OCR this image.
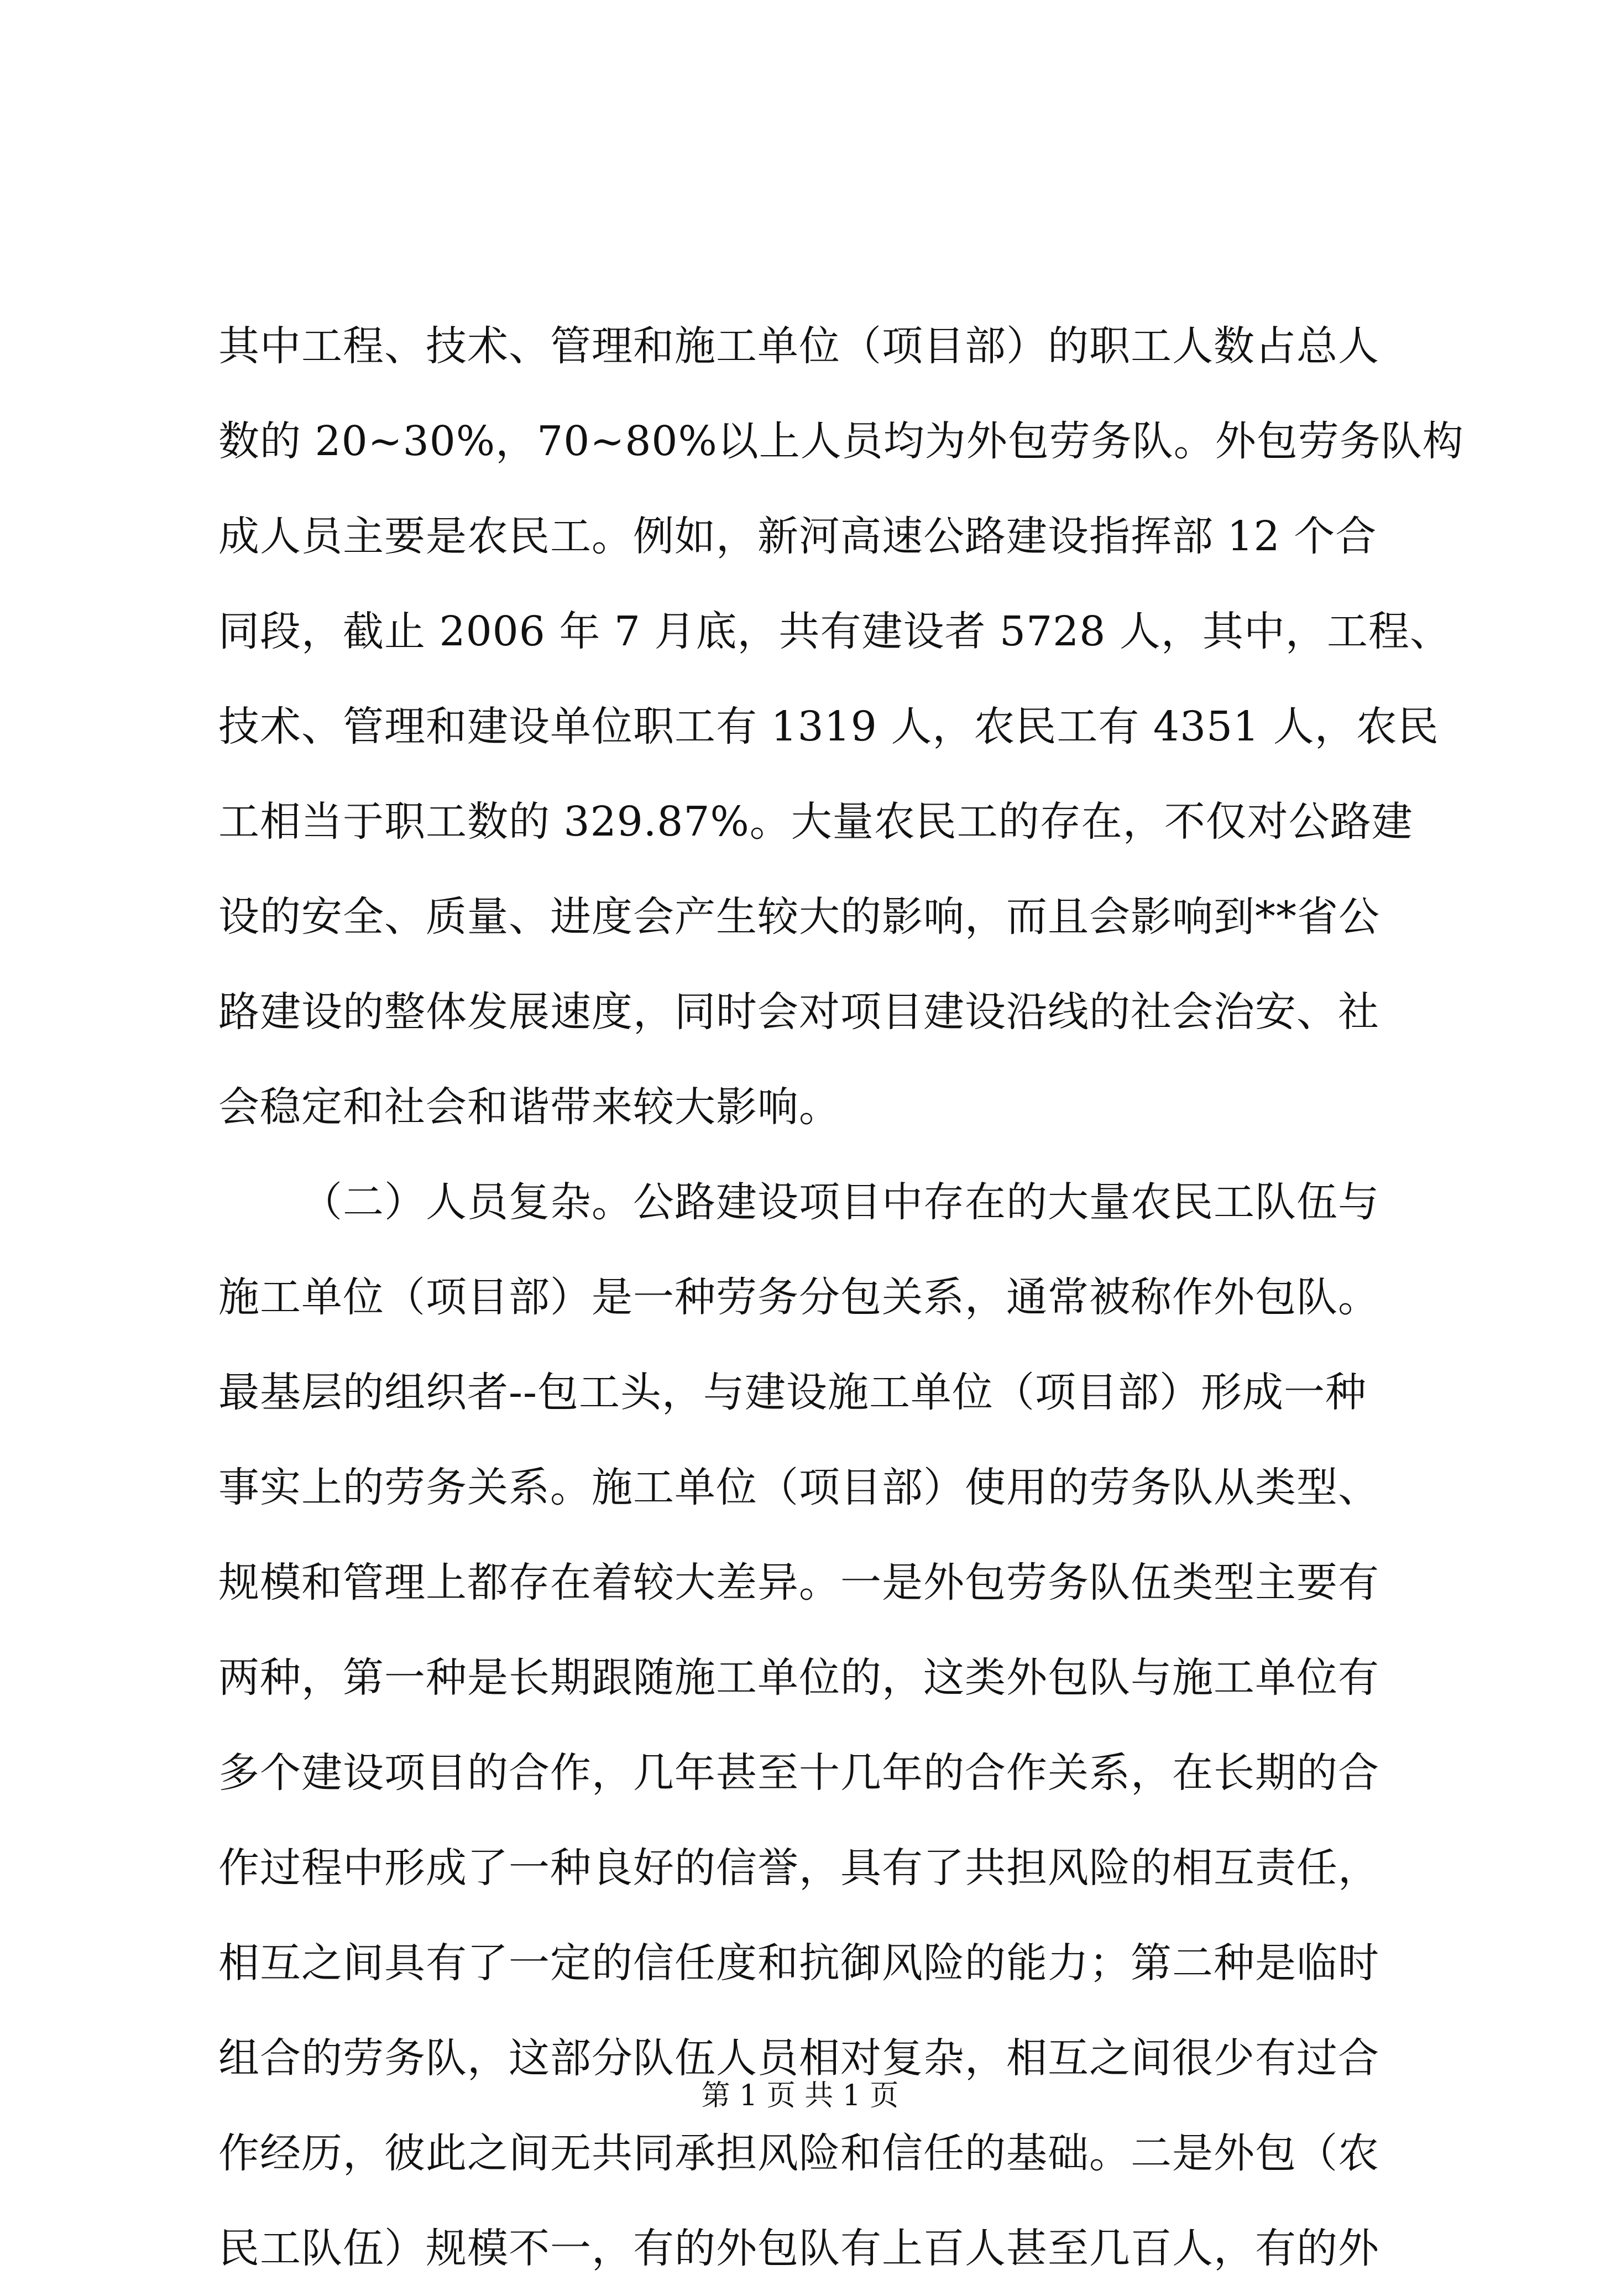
其中工程、技术、管理和施工单位（项目部）的职工人数占总人
数的 20~30%，70~80%以上人员均为外包劳务队。外包劳务队构
成人员主要是农民工。例如，新河高速公路建设指挥部 12 个合
同段，截止 2006 年 7 月底，共有建设者 5728 人，其中，工程、
技术、管理和建设单位职工有 1319 人，农民工有 4351 人，农民
工相当于职工数的 329.87%。大量农民工的存在，不仅对公路建
设的安全、质量、进度会产生较大的影响，而且会影响到**省公
路建设的整体发展速度，同时会对项目建设沿线的社会治安、社
会稳定和社会和谐带来较大影响。
（二）人员复杂。公路建设项目中存在的大量农民工队伍与
施工单位（项目部）是一种劳务分包关系，通常被称作外包队。
最基层的组织者--包工头，与建设施工单位（项目部）形成一种
事实上的劳务关系。施工单位（项目部）使用的劳务队从类型、
规模和管理上都存在着较大差异。一是外包劳务队伍类型主要有
两种，第一种是长期跟随施工单位的，这类外包队与施工单位有
多个建设项目的合作，几年甚至十几年的合作关系，在长期的合
作过程中形成了一种良好的信誉，具有了共担风险的相互责任，
相互之间具有了一定的信任度和抗御风险的能力；第二种是临时
组合的劳务队，这部分队伍人员相对复杂，相互之间很少有过合
作经历，彼此之间无共同承担风险和信任的基础。二是外包（农
民工队伍）规模不一，有的外包队有上百人甚至几百人，有的外
第 1 页 共 1 页
